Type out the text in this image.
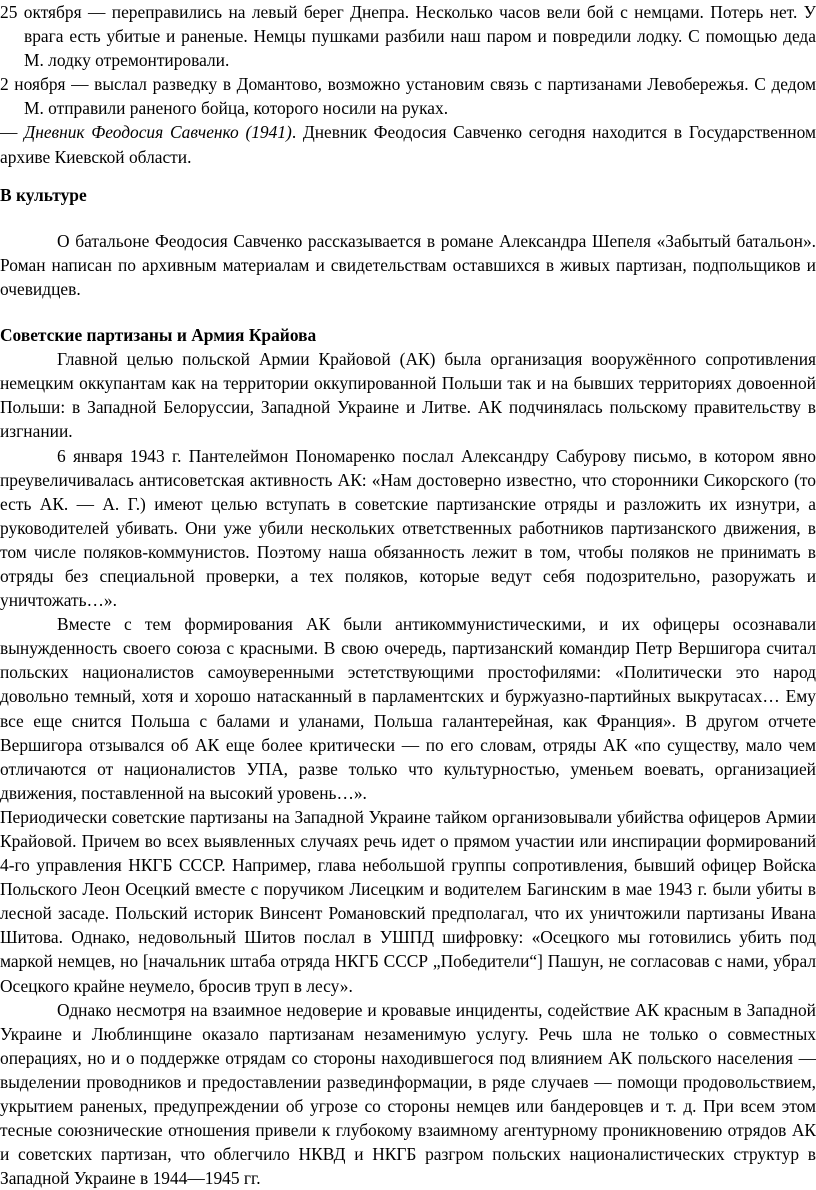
25 октября — переправились на левый берег Днепра. Несколько часов вели бой с немцами. Потерь нет. У врага есть убитые и раненые. Немцы пушками разбили наш паром и повредили лодку. С помощью деда М. лодку отремонтировали.

2 ноября — выслал разведку в Домантово, возможно установим связь с партизанами Левобережья. С дедом М. отправили раненого бойца, которого носили на руках.

— Дневник Феодосия Савченко (1941). Дневник Феодосия Савченко сегодня находится в Государственном архиве Киевской области.

В культуре

О батальоне Феодосия Савченко рассказывается в романе Александра Шепеля «Забытый батальон». Роман написан по архивным материалам и свидетельствам оставшихся в живых партизан, подпольщиков и очевидцев.

Советские партизаны и Армия Крайова

Главной целью польской Армии Крайовой (АК) была организация вооружённого сопротивления немецким оккупантам как на территории оккупированной Польши так и на бывших территориях довоенной Польши: в Западной Белоруссии, Западной Украине и Литве. АК подчинялась польскому правительству в изгнании.

6 января 1943 г. Пантелеймон Пономаренко послал Александру Сабурову письмо, в котором явно преувеличивалась антисоветская активность АК: «Нам достоверно известно, что сторонники Сикорского (то есть АК. — А. Г.) имеют целью вступать в советские партизанские отряды и разложить их изнутри, а руководителей убивать. Они уже убили нескольких ответственных работников партизанского движения, в том числе поляков-коммунистов. Поэтому наша обязанность лежит в том, чтобы поляков не принимать в отряды без специальной проверки, а тех поляков, которые ведут себя подозрительно, разоружать и уничтожать…».

Вместе с тем формирования АК были антикоммунистическими, и их офицеры осознавали вынужденность своего союза с красными. В свою очередь, партизанский командир Петр Вершигора считал польских националистов самоуверенными эстетствующими простофилями: «Политически это народ довольно темный, хотя и хорошо натасканный в парламентских и буржуазно-партийных выкрутасах… Ему все еще снится Польша с балами и уланами, Польша галантерейная, как Франция». В другом отчете Вершигора отзывался об АК еще более критически — по его словам, отряды АК «по существу, мало чем отличаются от националистов УПА, разве только что культурностью, уменьем воевать, организацией движения, поставленной на высокий уровень…».

Периодически советские партизаны на Западной Украине тайком организовывали убийства офицеров Армии Крайовой. Причем во всех выявленных случаях речь идет о прямом участии или инспирации формирований 4-го управления НКГБ СССР. Например, глава небольшой группы сопротивления, бывший офицер Войска Польского Леон Осецкий вместе с поручиком Лисецким и водителем Багинским в мае 1943 г. были убиты в лесной засаде. Польский историк Винсент Романовский предполагал, что их уничтожили партизаны Ивана Шитова. Однако, недовольный Шитов послал в УШПД шифровку: «Осецкого мы готовились убить под маркой немцев, но [начальник штаба отряда НКГБ СССР „Победители“] Пашун, не согласовав с нами, убрал Осецкого крайне неумело, бросив труп в лесу».

Однако несмотря на взаимное недоверие и кровавые инциденты, содействие АК красным в Западной Украине и Люблинщине оказало партизанам незаменимую услугу. Речь шла не только о совместных операциях, но и о поддержке отрядам со стороны находившегося под влиянием АК польского населения — выделении проводников и предоставлении развединформации, в ряде случаев — помощи продовольствием, укрытием раненых, предупреждении об угрозе со стороны немцев или бандеровцев и т. д. При всем этом тесные союзнические отношения привели к глубокому взаимному агентурному проникновению отрядов АК и советских партизан, что облегчило НКВД и НКГБ разгром польских националистических структур в Западной Украине в 1944—1945 гг.
